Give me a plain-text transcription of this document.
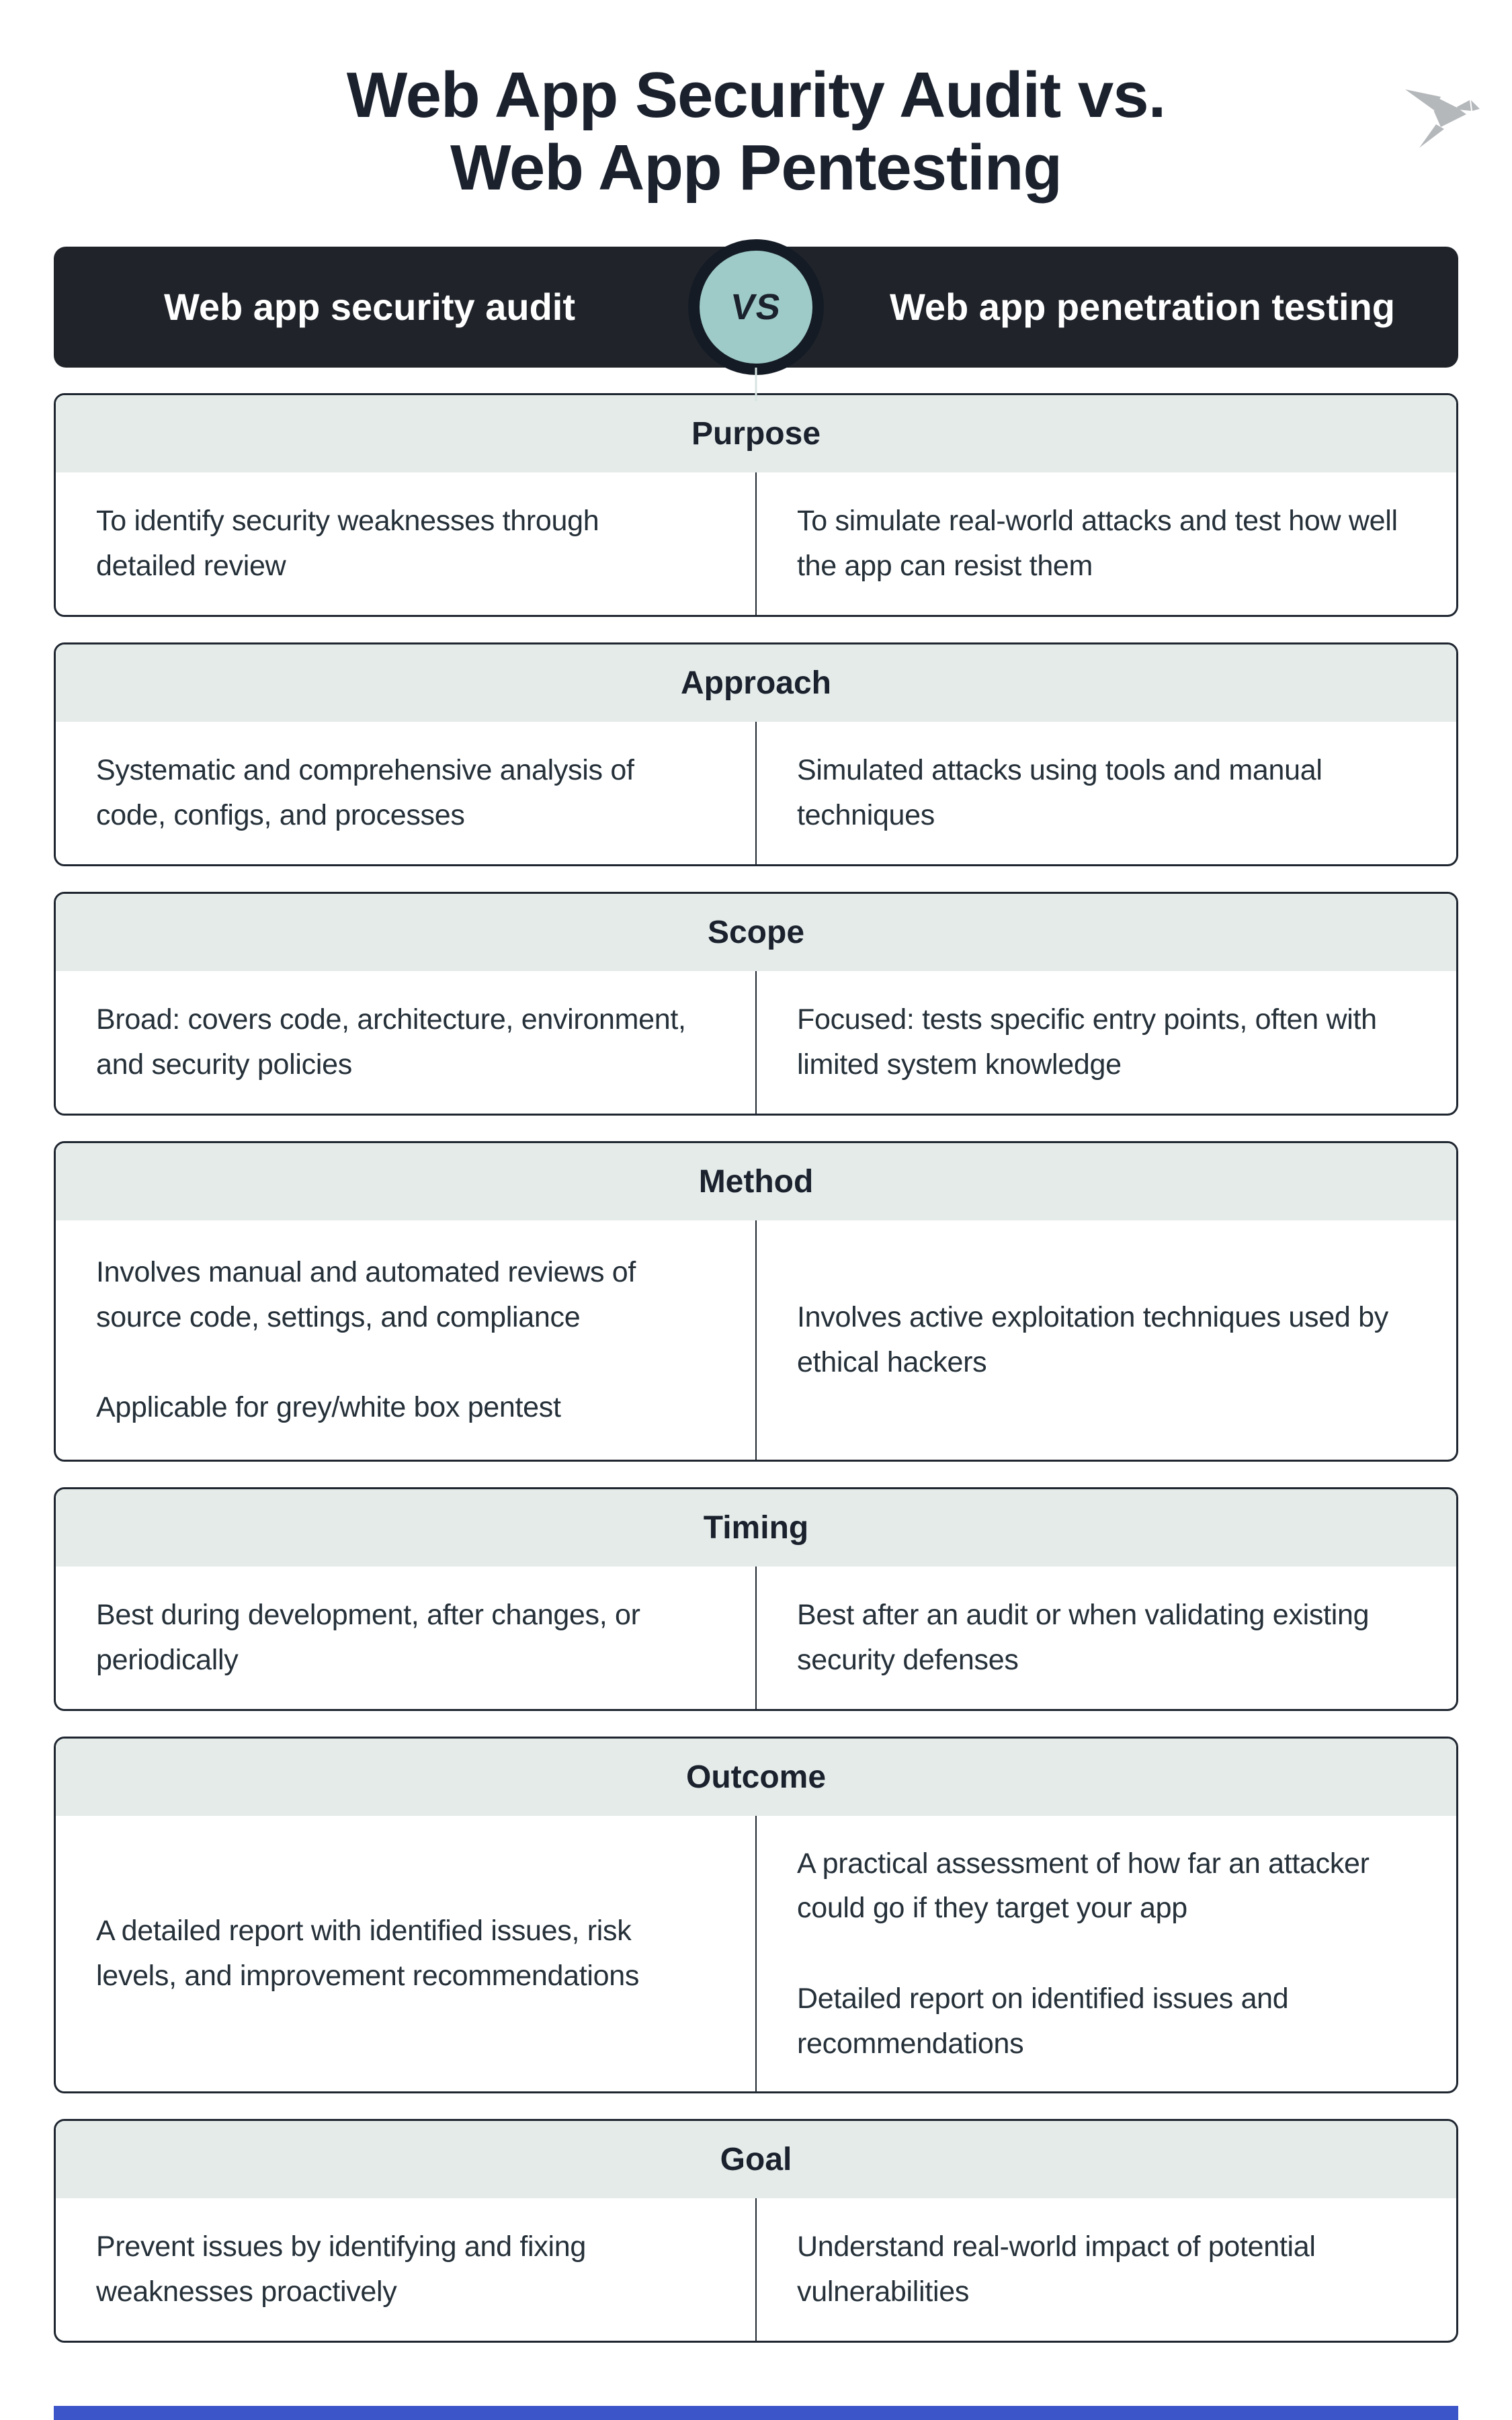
Web App Security Audit vs.
Web App Pentesting
Web app security audit	Web app penetration testing
VS
Purpose

To identify security weaknesses through detailed review

To simulate real-world attacks and test how well the app can resist them

Approach

Systematic and comprehensive analysis of code, configs, and processes

Simulated attacks using tools and manual techniques

Scope

Broad: covers code, architecture, environment, and security policies

Focused: tests specific entry points, often with limited system knowledge

Method

Involves manual and automated reviews of source code, settings, and compliance

Applicable for grey/white box pentest

Involves active exploitation techniques used by ethical hackers

Timing

Best during development, after changes, or periodically

Best after an audit or when validating existing security defenses

Outcome

A detailed report with identified issues, risk levels, and improvement recommendations

A practical assessment of how far an attacker could go if they target your app

Detailed report on identified issues and recommendations

Goal

Prevent issues by identifying and fixing weaknesses proactively

Understand real-world impact of potential vulnerabilities
